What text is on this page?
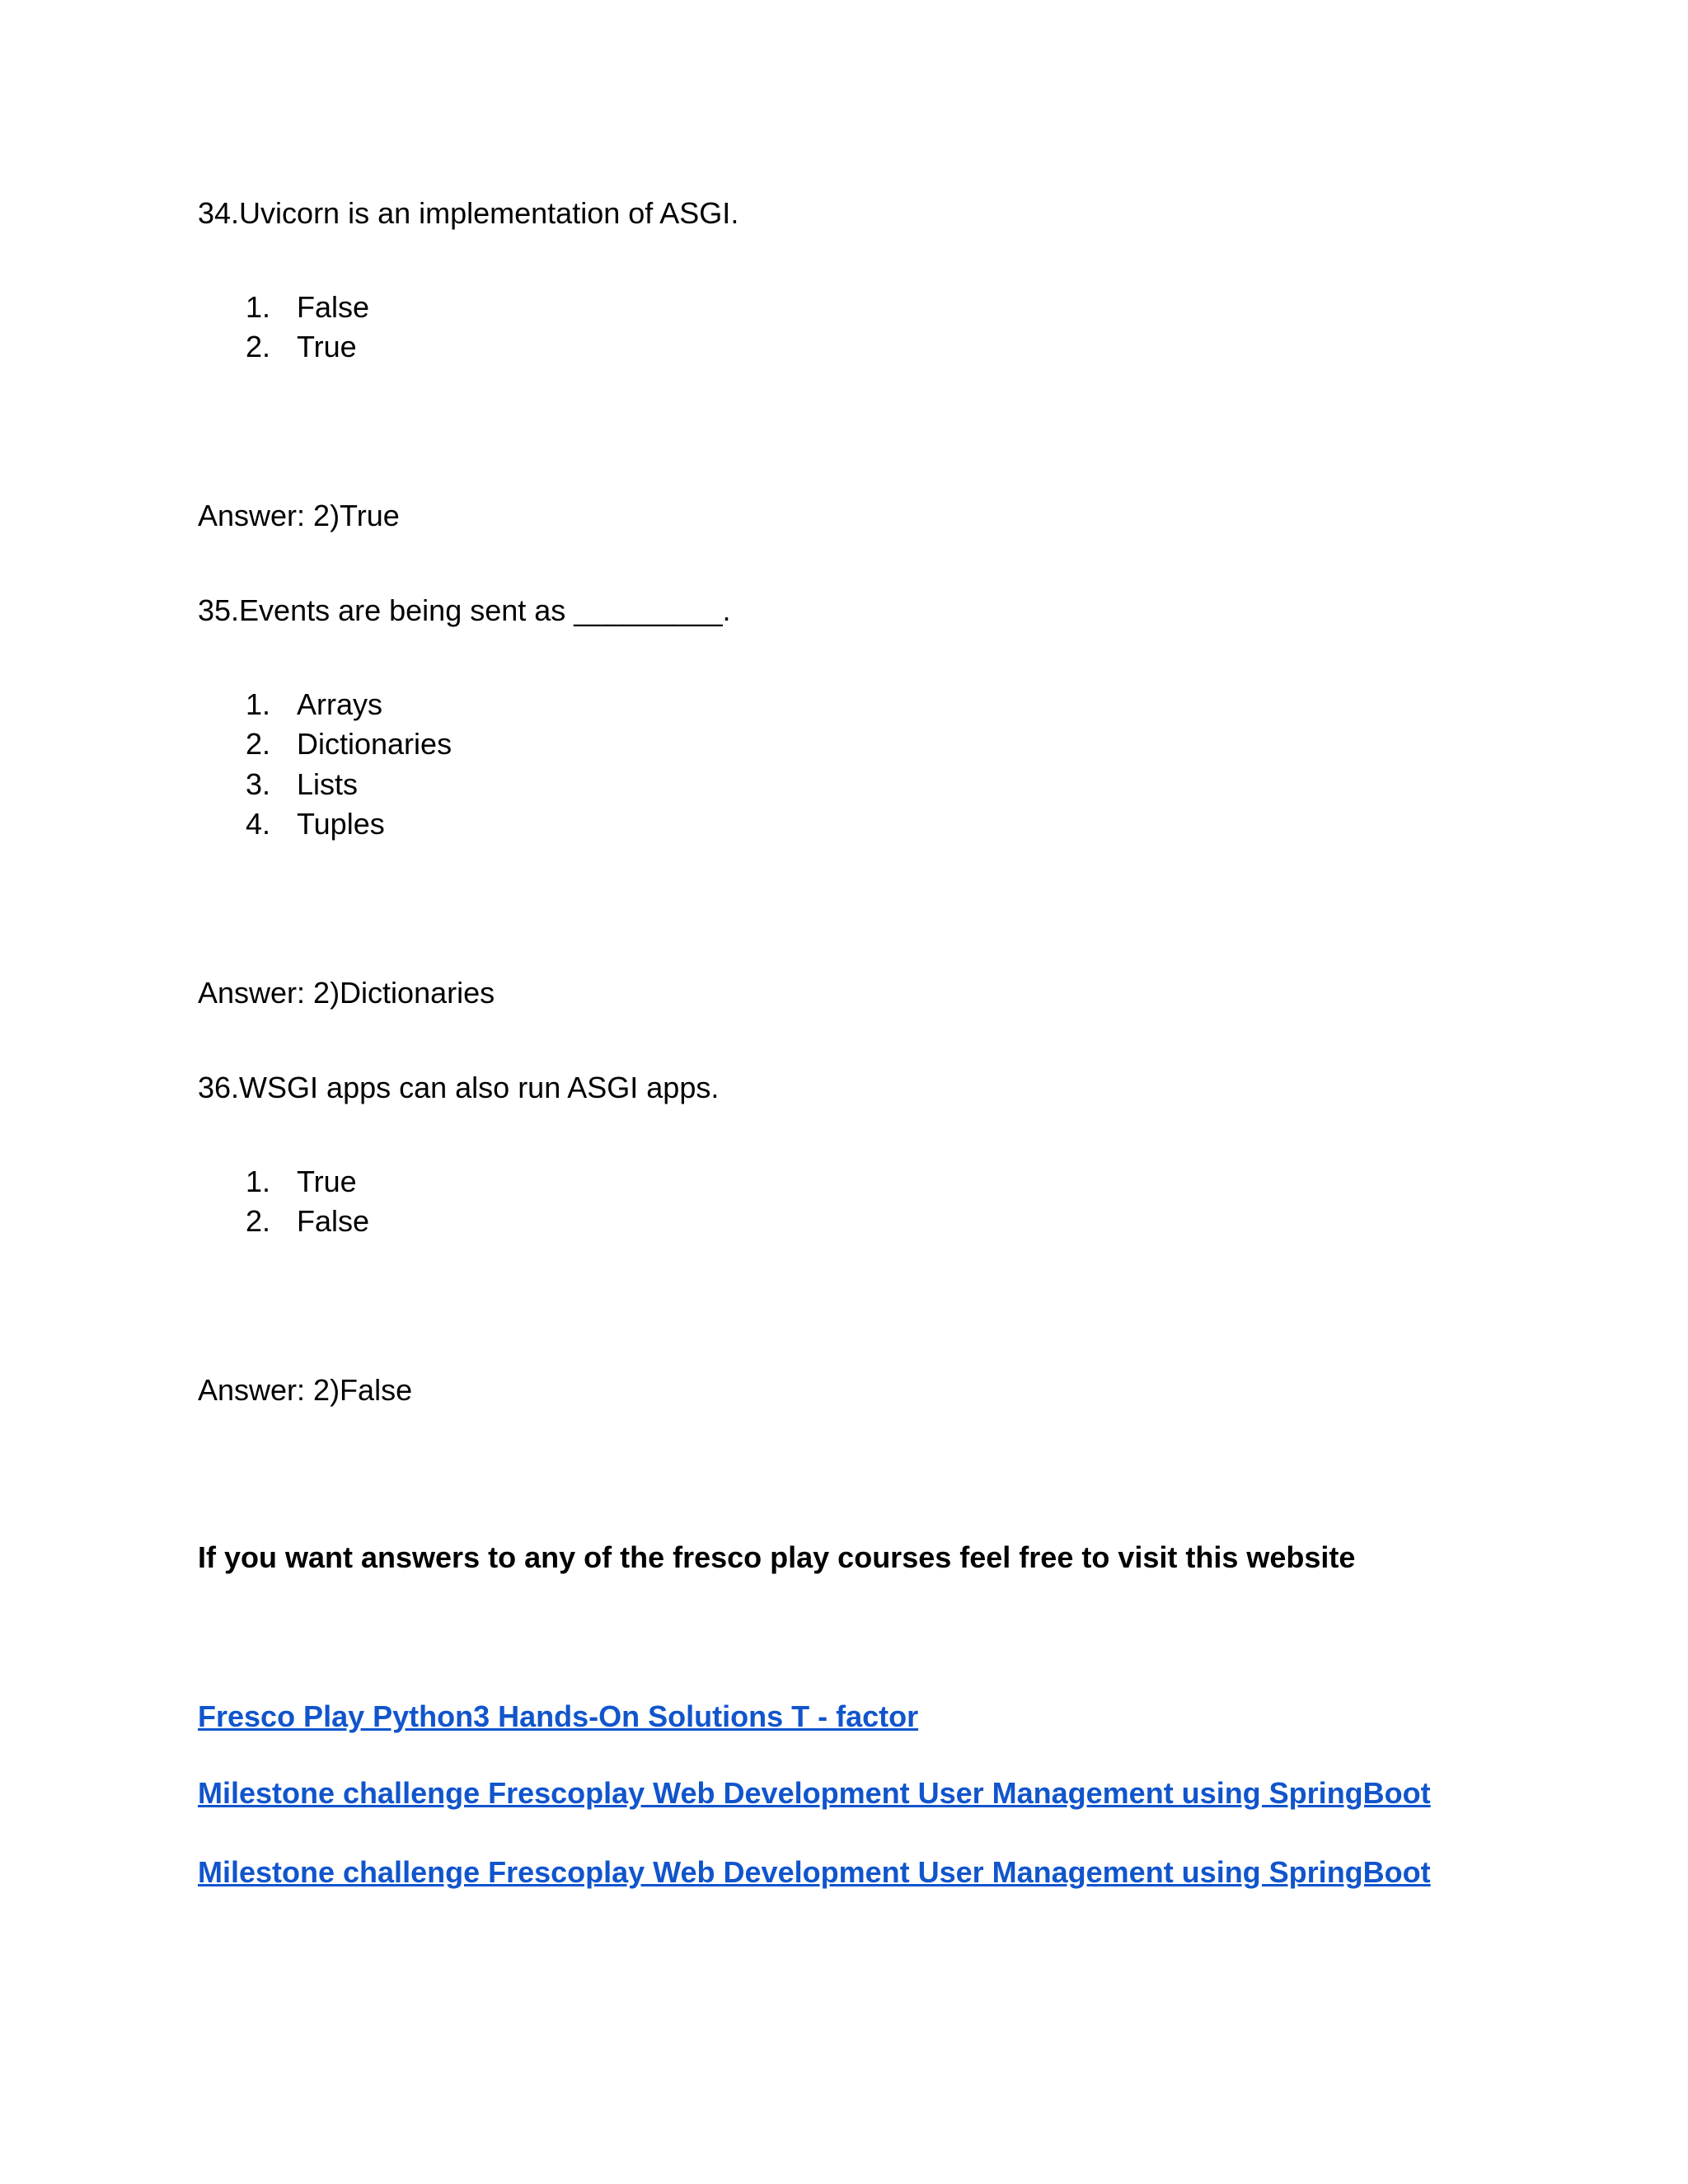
34.Uvicorn is an implementation of ASGI.
1. False
2. True
Answer: 2)True
35.Events are being sent as _________.
1. Arrays
2. Dictionaries
3. Lists
4. Tuples
Answer: 2)Dictionaries
36.WSGI apps can also run ASGI apps.
1. True
2. False
Answer: 2)False
If you want answers to any of the fresco play courses feel free to visit this website
Fresco Play Python3 Hands-On Solutions T - factor
Milestone challenge Frescoplay Web Development User Management using SpringBoot
Milestone challenge Frescoplay Web Development User Management using SpringBoot
